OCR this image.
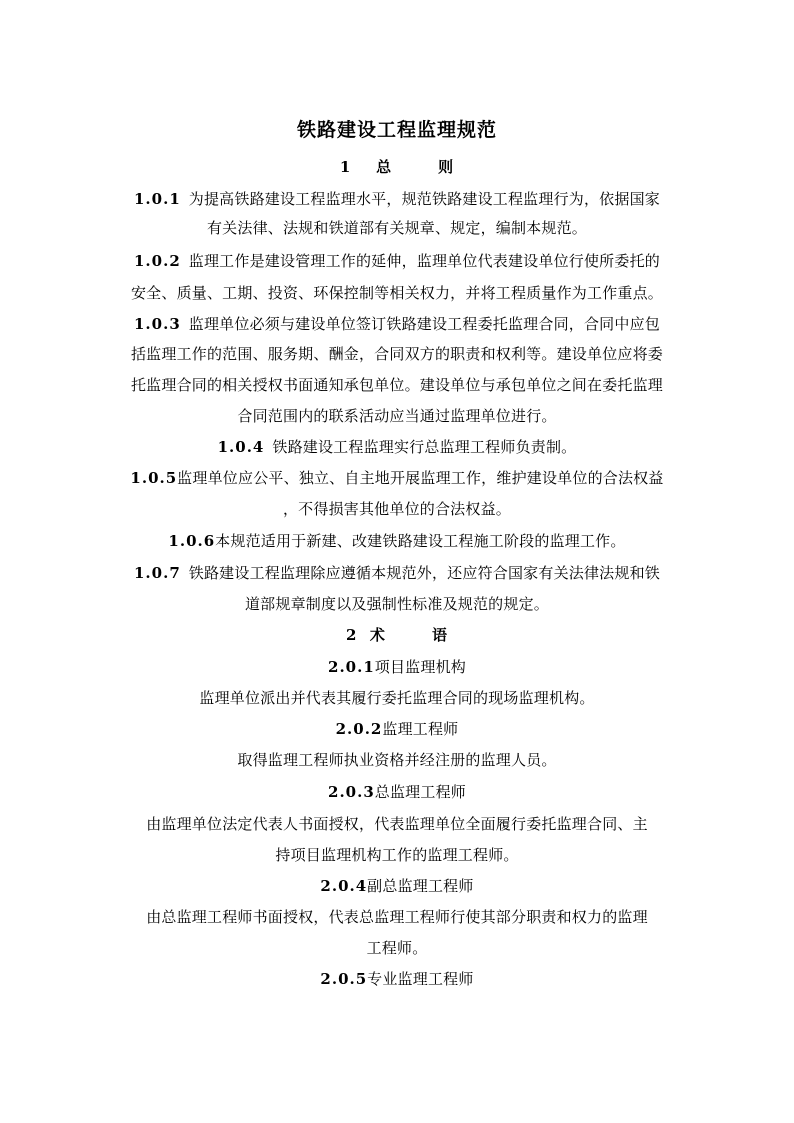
铁路建设工程监理规范
1 总	则
1.0.1 为提高铁路建设工程监理水平，规范铁路建设工程监理行为，依据国家
有关法律、法规和铁道部有关规章、规定，编制本规范。
1.0.2 监理工作是建设管理工作的延伸，监理单位代表建设单位行使所委托的
安全、质量、工期、投资、环保控制等相关权力，并将工程质量作为工作重点。
1.0.3 监理单位必须与建设单位签订铁路建设工程委托监理合同，合同中应包
括监理工作的范围、服务期、酬金，合同双方的职责和权利等。建设单位应将委
托监理合同的相关授权书面通知承包单位。建设单位与承包单位之间在委托监理
合同范围内的联系活动应当通过监理单位进行。
1.0.4 铁路建设工程监理实行总监理工程师负责制。
1.0.5监理单位应公平、独立、自主地开展监理工作，维护建设单位的合法权益
，不得损害其他单位的合法权益。
1.0.6本规范适用于新建、改建铁路建设工程施工阶段的监理工作。
1.0.7 铁路建设工程监理除应遵循本规范外，还应符合国家有关法律法规和铁
道部规章制度以及强制性标准及规范的规定。
2 术	语
2.0.1项目监理机构
监理单位派出并代表其履行委托监理合同的现场监理机构。
2.0.2监理工程师
取得监理工程师执业资格并经注册的监理人员。
2.0.3总监理工程师
由监理单位法定代表人书面授权，代表监理单位全面履行委托监理合同、主
持项目监理机构工作的监理工程师。
2.0.4副总监理工程师
由总监理工程师书面授权，代表总监理工程师行使其部分职责和权力的监理
工程师。
2.0.5专业监理工程师
